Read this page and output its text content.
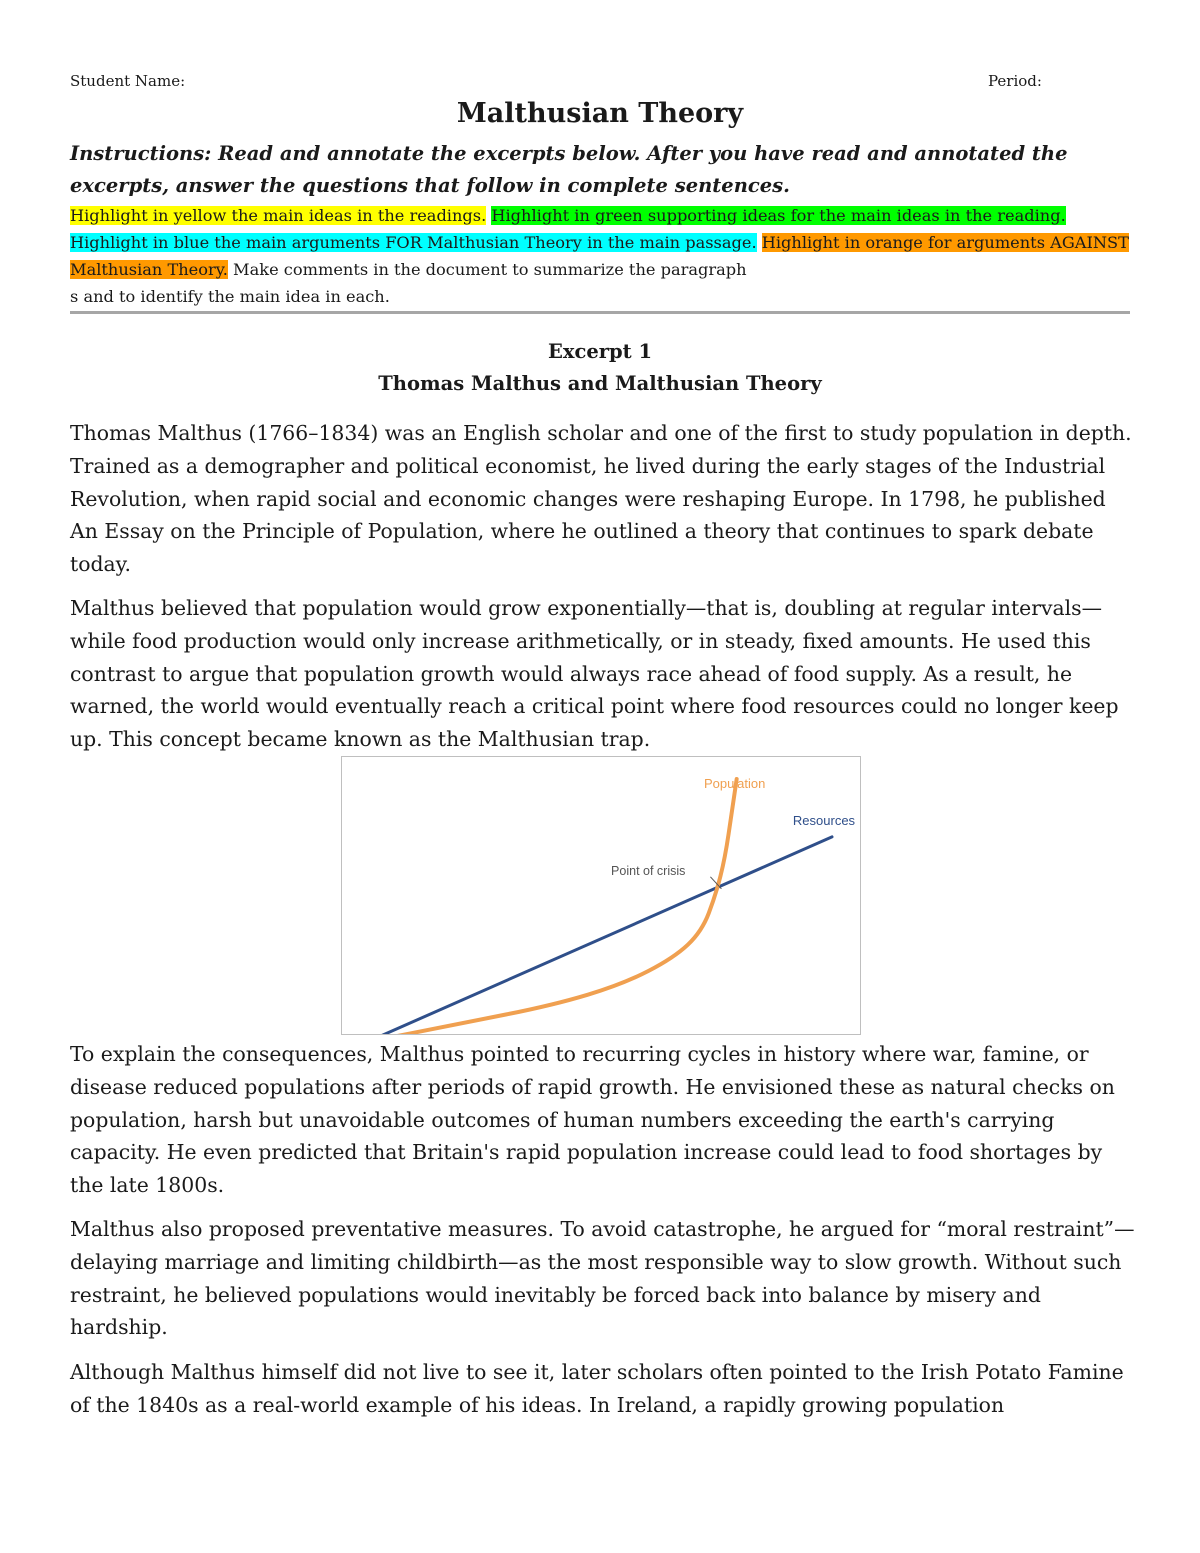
Student Name:	Period:
Malthusian Theory
Instructions: Read and annotate the excerpts below. After you have read and annotated the excerpts, answer the questions that follow in complete sentences.
Highlight in yellow the main ideas in the readings. Highlight in green supporting ideas for the main ideas in the reading. Highlight in blue the main arguments FOR Malthusian Theory in the main passage. Highlight in orange for arguments AGAINST Malthusian Theory. Make comments in the document to summarize the paragraph
s and to identify the main idea in each.
Excerpt 1
Thomas Malthus and Malthusian Theory

Thomas Malthus (1766–1834) was an English scholar and one of the first to study population in depth. Trained as a demographer and political economist, he lived during the early stages of the Industrial Revolution, when rapid social and economic changes were reshaping Europe. In 1798, he published An Essay on the Principle of Population, where he outlined a theory that continues to spark debate today.

Malthus believed that population would grow exponentially—that is, doubling at regular intervals—while food production would only increase arithmetically, or in steady, fixed amounts. He used this contrast to argue that population growth would always race ahead of food supply. As a result, he warned, the world would eventually reach a critical point where food resources could no longer keep up. This concept became known as the Malthusian trap.

Resources
Population
Point of crisis

To explain the consequences, Malthus pointed to recurring cycles in history where war, famine, or disease reduced populations after periods of rapid growth. He envisioned these as natural checks on population, harsh but unavoidable outcomes of human numbers exceeding the earth's carrying capacity. He even predicted that Britain's rapid population increase could lead to food shortages by the late 1800s.

Malthus also proposed preventative measures. To avoid catastrophe, he argued for “moral restraint”—delaying marriage and limiting childbirth—as the most responsible way to slow growth. Without such restraint, he believed populations would inevitably be forced back into balance by misery and hardship.

Although Malthus himself did not live to see it, later scholars often pointed to the Irish Potato Famine of the 1840s as a real-world example of his ideas. In Ireland, a rapidly growing population
